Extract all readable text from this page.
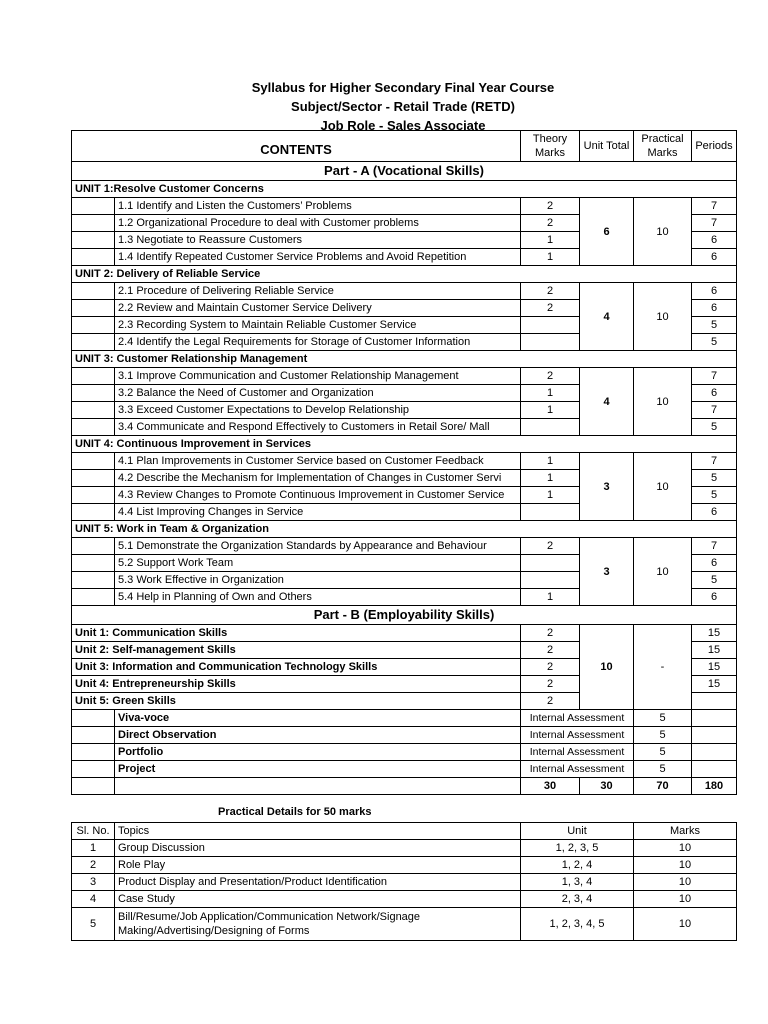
Syllabus for Higher Secondary Final Year Course
Subject/Sector - Retail Trade (RETD)
Job Role - Sales Associate
CONTENTS		Theory Marks	Unit Total	Practical Marks	Periods
Part - A (Vocational Skills)					
UNIT 1:Resolve Customer Concerns					
	1.1 Identify and Listen the Customers’ Problems	2	6	10	7
	1.2 Organizational Procedure to deal with Customer problems	2			7
	1.3 Negotiate to Reassure Customers	1			6
	1.4 Identify Repeated Customer Service Problems and Avoid Repetition	1			6
UNIT 2: Delivery of Reliable Service					
	2.1 Procedure of Delivering Reliable Service	2	4	10	6
	2.2 Review and Maintain Customer Service Delivery	2			6
	2.3 Recording System to Maintain Reliable Customer Service				5
	2.4 Identify the Legal Requirements for Storage of Customer Information				5
UNIT 3: Customer Relationship Management					
	3.1 Improve Communication and Customer Relationship Management	2	4	10	7
	3.2 Balance the Need of Customer and Organization	1			6
	3.3 Exceed Customer Expectations to Develop Relationship	1			7
	3.4 Communicate and Respond Effectively to Customers in Retail Sore/ Mall				5
UNIT 4: Continuous Improvement in Services					
	4.1 Plan Improvements in Customer Service based on Customer Feedback	1	3	10	7
	4.2 Describe the Mechanism for Implementation of Changes in Customer Servi	1			5
	4.3 Review Changes to Promote Continuous Improvement in Customer Service	1			5
	4.4 List Improving Changes in Service				6
UNIT 5: Work in Team & Organization					
	5.1 Demonstrate the Organization Standards by Appearance and Behaviour	2	3	10	7
	5.2 Support Work Team				6
	5.3 Work Effective in Organization				5
	5.4 Help in Planning of Own and Others	1			6
Part - B (Employability Skills)					
Unit 1: Communication Skills		2	10	-	15
Unit 2: Self-management Skills		2			15
Unit 3: Information and Communication Technology Skills		2			15
Unit 4: Entrepreneurship Skills		2			15
Unit 5: Green Skills		2			
	Viva-voce	Internal Assessment		5	
	Direct Observation	Internal Assessment		5	
	Portfolio	Internal Assessment		5	
	Project	Internal Assessment		5	
		30	30	70	180
Practical Details for 50 marks
Sl. No.	Topics	Unit	Marks
1	Group Discussion	1, 2, 3, 5	10
2	Role Play	1, 2, 4	10
3	Product Display and Presentation/Product Identification	1, 3, 4	10
4	Case Study	2, 3, 4	10
5	Bill/Resume/Job Application/Communication Network/Signage Making/Advertising/Designing of Forms	1, 2, 3, 4, 5	10
